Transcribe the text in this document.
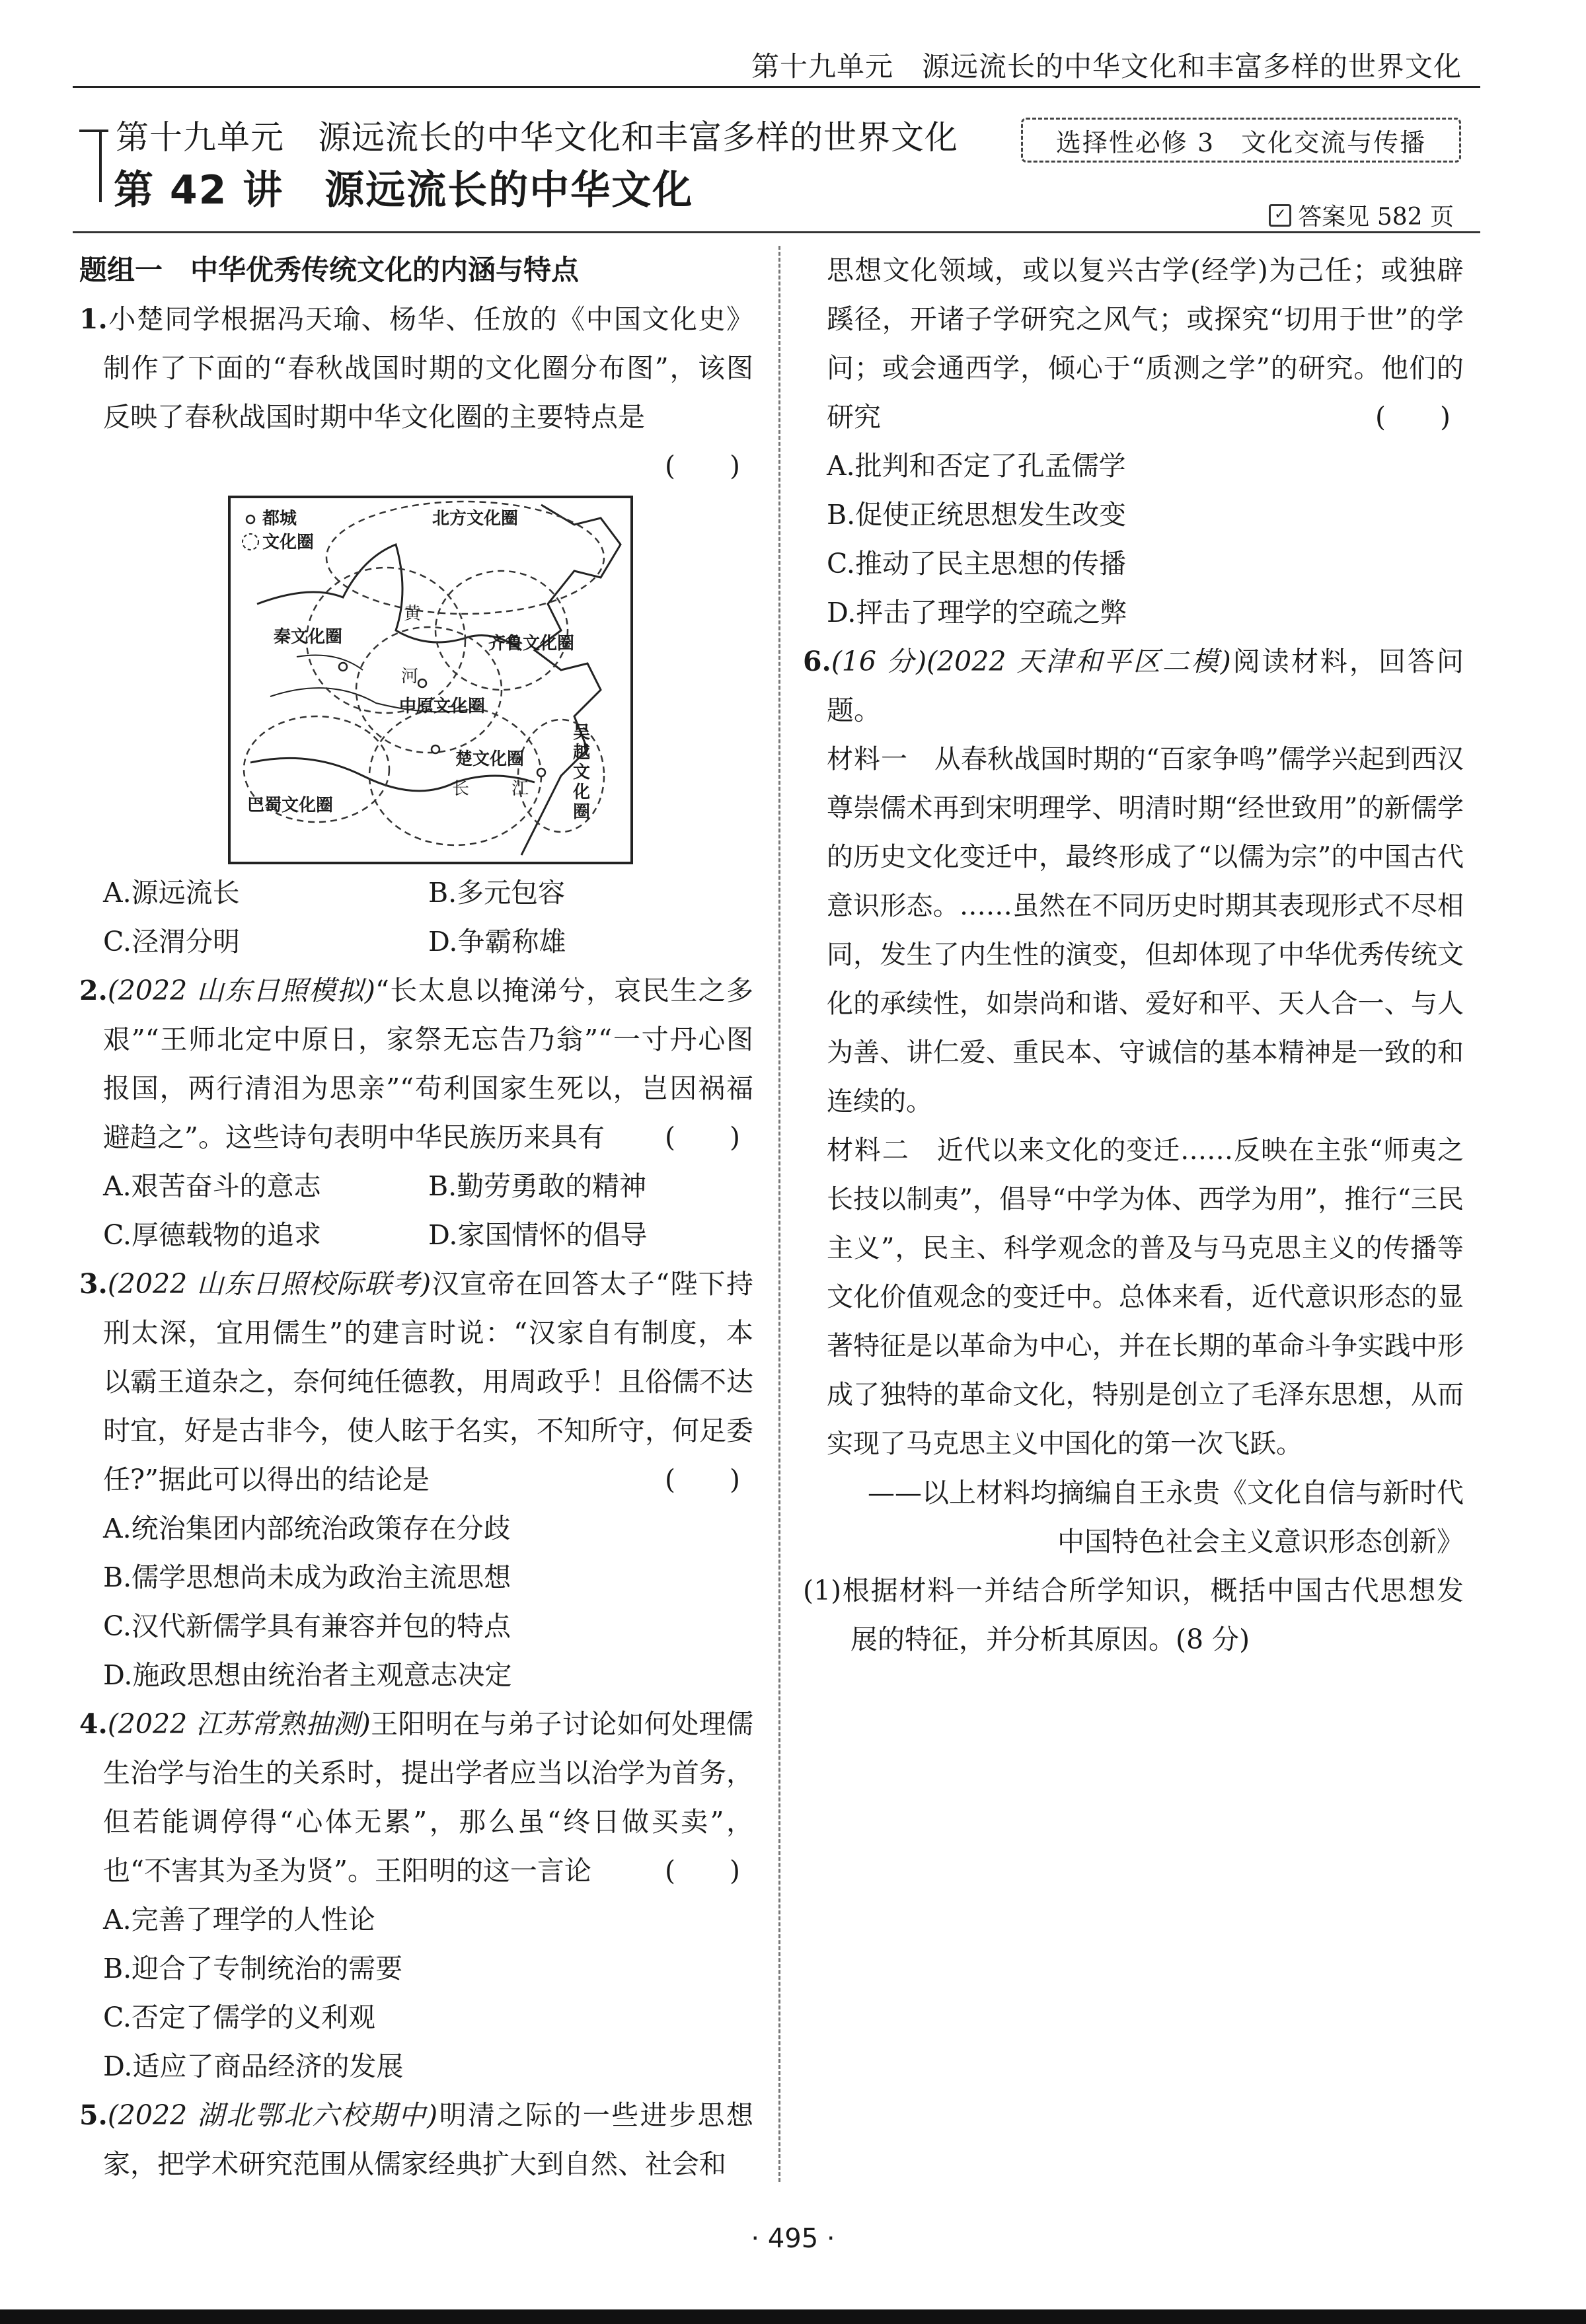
第十九单元　源远流长的中华文化和丰富多样的世界文化
第十九单元　源远流长的中华文化和丰富多样的世界文化
第 42 讲　源远流长的中华文化
选择性必修 3　文化交流与传播
✓ 答案见 582 页
题组一　中华优秀传统文化的内涵与特点
1.小楚同学根据冯天瑜、杨华、任放的《中国文化史》制作了下面的“春秋战国时期的文化圈分布图”，该图反映了春秋战国时期中华文化圈的主要特点是
(　　)
都城
文化圈
北方文化圈
秦文化圈	齐鲁文化圈
中原文化圈
楚文化圈
巴蜀文化圈
吴越文化圈
黄
河
长 江
A.源远流长	B.多元包容
C.泾渭分明	D.争霸称雄
2.(2022 山东日照模拟)“长太息以掩涕兮，哀民生之多艰”“王师北定中原日，家祭无忘告乃翁”“一寸丹心图报国，两行清泪为思亲”“苟利国家生死以，岂因祸福避趋之”。这些诗句表明中华民族历来具有 (　　)
A.艰苦奋斗的意志	B.勤劳勇敢的精神
C.厚德载物的追求	D.家国情怀的倡导
3.(2022 山东日照校际联考)汉宣帝在回答太子“陛下持刑太深，宜用儒生”的建言时说：“汉家自有制度，本以霸王道杂之，奈何纯任德教，用周政乎！且俗儒不达时宜，好是古非今，使人眩于名实，不知所守，何足委任?”据此可以得出的结论是	(　　)
A.统治集团内部统治政策存在分歧
B.儒学思想尚未成为政治主流思想
C.汉代新儒学具有兼容并包的特点
D.施政思想由统治者主观意志决定
4.(2022 江苏常熟抽测)王阳明在与弟子讨论如何处理儒生治学与治生的关系时，提出学者应当以治学为首务，但若能调停得“心体无累”，那么虽“终日做买卖”，也“不害其为圣为贤”。王阳明的这一言论	(　　)
A.完善了理学的人性论
B.迎合了专制统治的需要
C.否定了儒学的义利观
D.适应了商品经济的发展
5.(2022 湖北鄂北六校期中)明清之际的一些进步思想家，把学术研究范围从儒家经典扩大到自然、社会和
思想文化领域，或以复兴古学(经学)为己任；或独辟蹊径，开诸子学研究之风气；或探究“切用于世”的学问；或会通西学，倾心于“质测之学”的研究。他们的研究	(　　)
A.批判和否定了孔孟儒学
B.促使正统思想发生改变
C.推动了民主思想的传播
D.抨击了理学的空疏之弊
6.(16 分)(2022 天津和平区二模)阅读材料，回答问题。
材料一　 从春秋战国时期的“百家争鸣”儒学兴起到西汉尊崇儒术再到宋明理学、明清时期“经世致用”的新儒学的历史文化变迁中，最终形成了“以儒为宗”的中国古代意识形态。……虽然在不同历史时期其表现形式不尽相同，发生了内生性的演变，但却体现了中华优秀传统文化的承续性，如崇尚和谐、爱好和平、天人合一、与人为善、讲仁爱、重民本、守诚信的基本精神是一致的和连续的。
材料二　 近代以来文化的变迁……反映在主张“师夷之长技以制夷”，倡导“中学为体、西学为用”，推行“三民主义”，民主、科学观念的普及与马克思主义的传播等文化价值观念的变迁中。总体来看，近代意识形态的显著特征是以革命为中心，并在长期的革命斗争实践中形成了独特的革命文化，特别是创立了毛泽东思想，从而实现了马克思主义中国化的第一次飞跃。
——以上材料均摘编自王永贵《文化自信与新时代
中国特色社会主义意识形态创新》
(1)根据材料一并结合所学知识，概括中国古代思想发展的特征，并分析其原因。(8 分)
· 495 ·
